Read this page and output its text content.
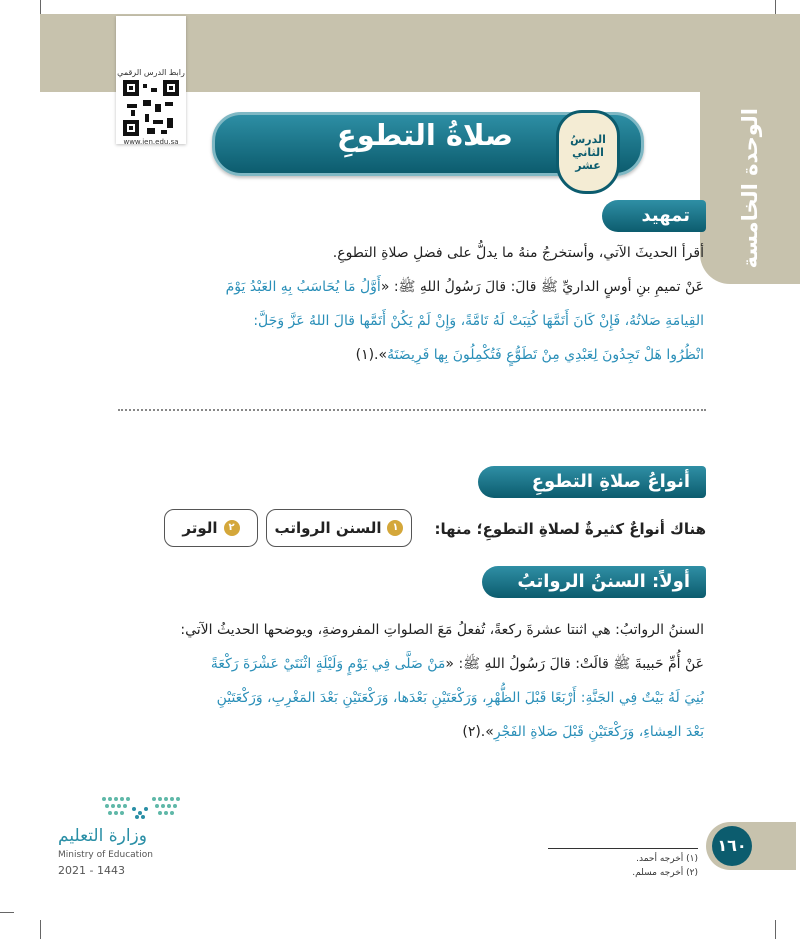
الوحدة الخامسة
رابط الدرس الرقمي
www.ien.edu.sa	صلاةُ التطوعِ	الدرسُ الثاني عشر
تمهيد
أقرأ الحديثَ الآتي، وأستخرجُ منهُ ما يدلُّ على فضلِ صلاةِ التطوعِ.
عَنْ تميمِ بنِ أوسٍ الداريِّ ﷺ قالَ: قالَ رَسُولُ اللهِ ﷺ: «أَوَّلُ مَا يُحَاسَبُ بِهِ العَبْدُ يَوْمَ
القِيامَةِ صَلاتُهُ، فَإِنْ كَانَ أَتَمَّهَا كُتِبَتْ لَهُ تَامَّةً، وَإِنْ لَمْ يَكُنْ أَتَمَّها قالَ اللهُ عَزَّ وَجَلَّ:
انْظُرُوا هَلْ تَجِدُونَ لِعَبْدِي مِنْ تَطَوُّعٍ فَتُكْمِلُونَ بِها فَرِيضَتَهُ».(١)
أنواعُ صلاةِ التطوعِ
هناك أنواعٌ كثيرةٌ لصلاةِ التطوعِ؛ منها:
١
السنن الرواتب
٢
الوتر
أولاً: السننُ الرواتبُ
السننُ الرواتبُ: هي اثنتا عشرةَ ركعةً، تُفعلُ مَعَ الصلواتِ المفروضةِ، ويوضحها الحديثُ الآتي:
عَنْ أُمِّ حَبيبةَ ﷺ قالَتْ: قالَ رَسُولُ اللهِ ﷺ: «مَنْ صَلَّى فِي يَوْمٍ وَلَيْلَةٍ اثْنَتَيْ عَشْرَةَ رَكْعَةً
بُنِيَ لَهُ بَيْتٌ فِي الجَنَّةِ: أَرْبَعًا قَبْلَ الظُّهْرِ، وَرَكْعَتَيْنِ بَعْدَها، وَرَكْعَتَيْنِ بَعْدَ المَغْرِبِ، وَرَكْعَتَيْنِ
بَعْدَ العِشاءِ، وَرَكْعَتَيْنِ قَبْلَ صَلاةِ الفَجْرِ».(٢)
١٦٠
(١) أخرجه أحمد.
(٢) أخرجه مسلم.
وزارة التعليم
Ministry of Education
2021 - 1443
